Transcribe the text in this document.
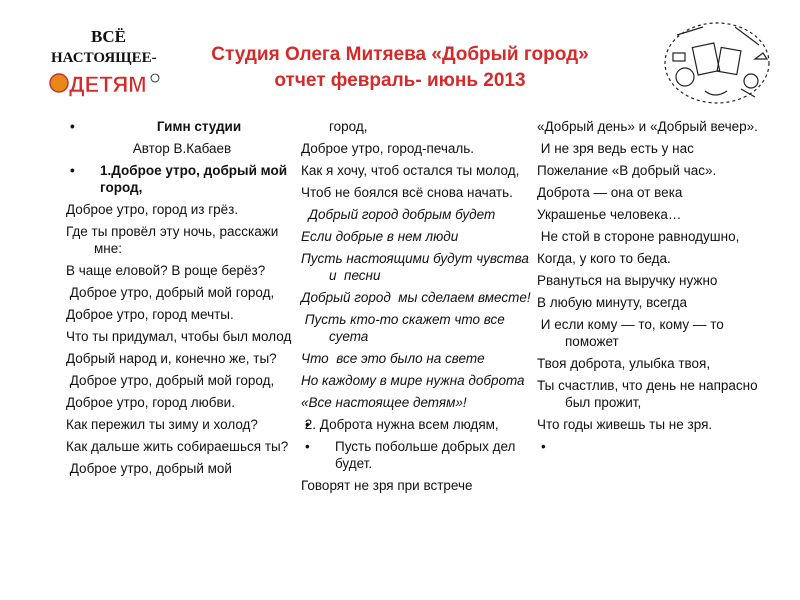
ВСЁ
НАСТОЯЩЕЕ-
ДЕТЯМ
Студия Олега Митяева «Добрый город»
отчет февраль- июнь 2013
• Гимн студии
Автор В.Кабаев
• 1.Доброе утро, добрый мой город,
Доброе утро, город из грёз.
Где ты провёл эту ночь, расскажи мне:
В чаще еловой? В роще берёз?
Доброе утро, добрый мой город,
Доброе утро, город мечты.
Что ты придумал, чтобы был молод
Добрый народ и, конечно же, ты?
Доброе утро, добрый мой город,
Доброе утро, город любви.
Как пережил ты зиму и холод?
Как дальше жить собираешься ты?
Доброе утро, добрый мой
город,
Доброе утро, город-печаль.
Как я хочу, чтоб остался ты молод,
Чтоб не боялся всё снова начать.
Добрый город добрым будет
Если добрые в нем люди
Пусть настоящими будут чувства и  песни
Добрый город  мы сделаем вместе!
Пусть кто-то скажет что все суета
Что  все это было на свете
Но каждому в мире нужна доброта
«Все настоящее детям»!
2. Доброта нужна всем людям,
• Пусть побольше добрых дел будет.
Говорят не зря при встрече
«Добрый день» и «Добрый вечер».
И не зря ведь есть у нас
Пожелание «В добрый час».
Доброта — она от века
Украшенье человека…
Не стой в стороне равнодушно,
Когда, у кого то беда.
Рвануться на выручку нужно
В любую минуту, всегда
И если кому — то, кому — то поможет
Твоя доброта, улыбка твоя,
Ты счастлив, что день не напрасно был прожит,
Что годы живешь ты не зря.
